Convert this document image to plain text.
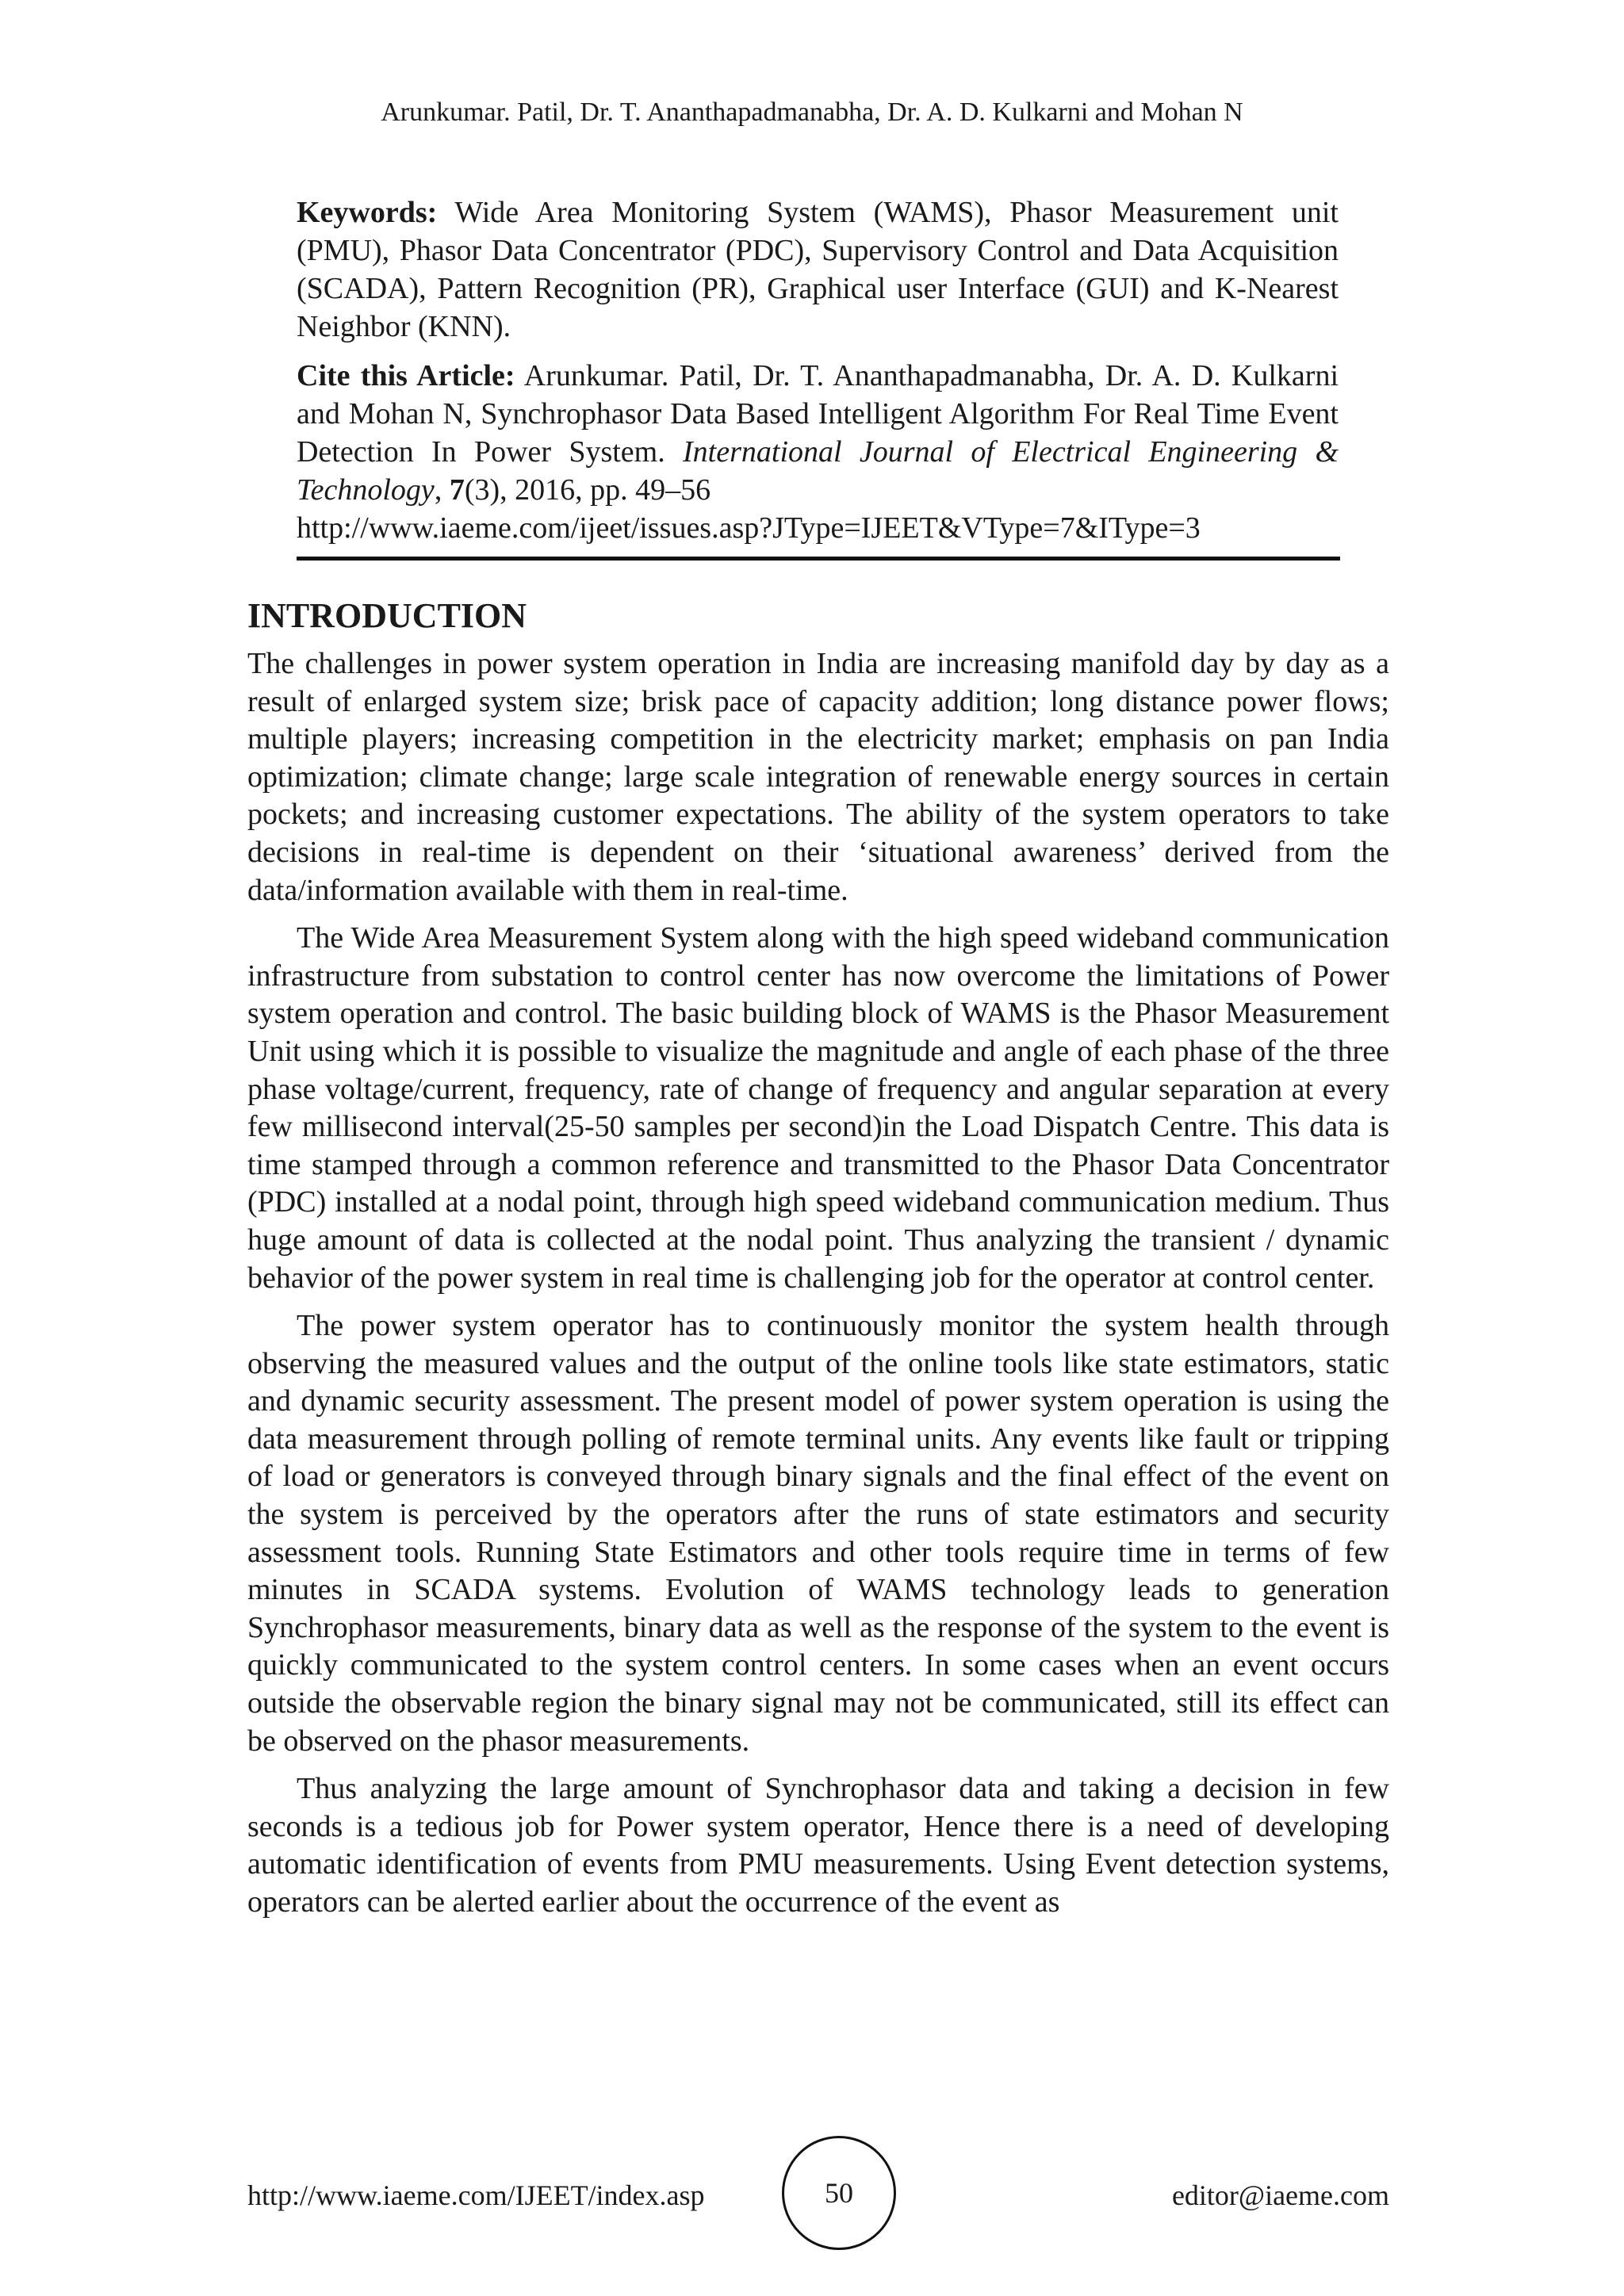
Arunkumar. Patil, Dr. T. Ananthapadmanabha, Dr. A. D. Kulkarni and Mohan N

Keywords: Wide Area Monitoring System (WAMS), Phasor Measurement unit (PMU), Phasor Data Concentrator (PDC), Supervisory Control and Data Acquisition (SCADA), Pattern Recognition (PR), Graphical user Interface (GUI) and K-Nearest Neighbor (KNN).

Cite this Article: Arunkumar. Patil, Dr. T. Ananthapadmanabha, Dr. A. D. Kulkarni and Mohan N, Synchrophasor Data Based Intelligent Algorithm For Real Time Event Detection In Power System. International Journal of Electrical Engineering & Technology, 7(3), 2016, pp. 49–56
http://www.iaeme.com/ijeet/issues.asp?JType=IJEET&VType=7&IType=3

INTRODUCTION

The challenges in power system operation in India are increasing manifold day by day as a result of enlarged system size; brisk pace of capacity addition; long distance power flows; multiple players; increasing competition in the electricity market; emphasis on pan India optimization; climate change; large scale integration of renewable energy sources in certain pockets; and increasing customer expectations. The ability of the system operators to take decisions in real-time is dependent on their ‘situational awareness’ derived from the data/information available with them in real-time.

The Wide Area Measurement System along with the high speed wideband communication infrastructure from substation to control center has now overcome the limitations of Power system operation and control. The basic building block of WAMS is the Phasor Measurement Unit using which it is possible to visualize the magnitude and angle of each phase of the three phase voltage/current, frequency, rate of change of frequency and angular separation at every few millisecond interval(25-50 samples per second)in the Load Dispatch Centre. This data is time stamped through a common reference and transmitted to the Phasor Data Concentrator (PDC) installed at a nodal point, through high speed wideband communication medium. Thus huge amount of data is collected at the nodal point. Thus analyzing the transient / dynamic behavior of the power system in real time is challenging job for the operator at control center.

The power system operator has to continuously monitor the system health through observing the measured values and the output of the online tools like state estimators, static and dynamic security assessment. The present model of power system operation is using the data measurement through polling of remote terminal units. Any events like fault or tripping of load or generators is conveyed through binary signals and the final effect of the event on the system is perceived by the operators after the runs of state estimators and security assessment tools. Running State Estimators and other tools require time in terms of few minutes in SCADA systems. Evolution of WAMS technology leads to generation Synchrophasor measurements, binary data as well as the response of the system to the event is quickly communicated to the system control centers. In some cases when an event occurs outside the observable region the binary signal may not be communicated, still its effect can be observed on the phasor measurements.

Thus analyzing the large amount of Synchrophasor data and taking a decision in few seconds is a tedious job for Power system operator, Hence there is a need of developing automatic identification of events from PMU measurements. Using Event detection systems, operators can be alerted earlier about the occurrence of the event as

http://www.iaeme.com/IJEET/index.asp	50	editor@iaeme.com
